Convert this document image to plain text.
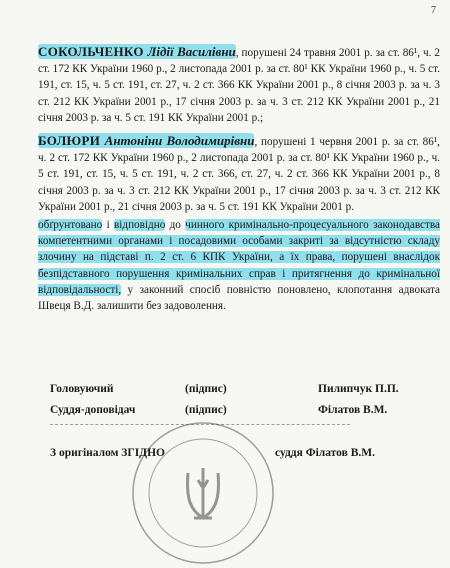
7

СОКОЛЬЧЕНКО Лідії Василівни, порушені 24 травня 2001 р. за ст. 86¹, ч. 2 ст. 172 КК України 1960 р., 2 листопада 2001 р. за ст. 80¹ КК України 1960 р., ч. 5 ст. 191, ст. 15, ч. 5 ст. 191, ст. 27, ч. 2 ст. 366 КК України 2001 р., 8 січня 2003 р. за ч. 3 ст. 212 КК України 2001 р., 17 січня 2003 р. за ч. 3 ст. 212 КК України 2001 р., 21 січня 2003 р. за ч. 5 ст. 191 КК України 2001 р.;

БОЛЮРИ Антоніни Володимирівни, порушені 1 червня 2001 р. за ст. 86¹, ч. 2 ст. 172 КК України 1960 р., 2 листопада 2001 р. за ст. 80¹ КК України 1960 р., ч. 5 ст. 191, ст. 15, ч. 5 ст. 191, ч. 2 ст. 366, ст. 27, ч. 2 ст. 366 КК України 2001 р., 8 січня 2003 р. за ч. 3 ст. 212 КК України 2001 р., 17 січня 2003 р. за ч. 3 ст. 212 КК України 2001 р., 21 січня 2003 р. за ч. 5 ст. 191 КК України 2001 р.

обґрунтовано і відповідно до чинного кримінально-процесуального законодавства компетентними органами і посадовими особами закриті за відсутністю складу злочину на підставі п. 2 ст. 6 КПК України, а їх права, порушені внаслідок безпідставного порушення кримінальних справ і притягнення до кримінальної відповідальності, у законний спосіб повністю поновлено, клопотання адвоката Швеця В.Д. залишити без задоволення.

Головуючий	(підпис)	Пилипчук П.П.
Суддя-доповідач	(підпис)	Філатов В.М.
З оригіналом ЗГІДНО	суддя Філатов В.М.
